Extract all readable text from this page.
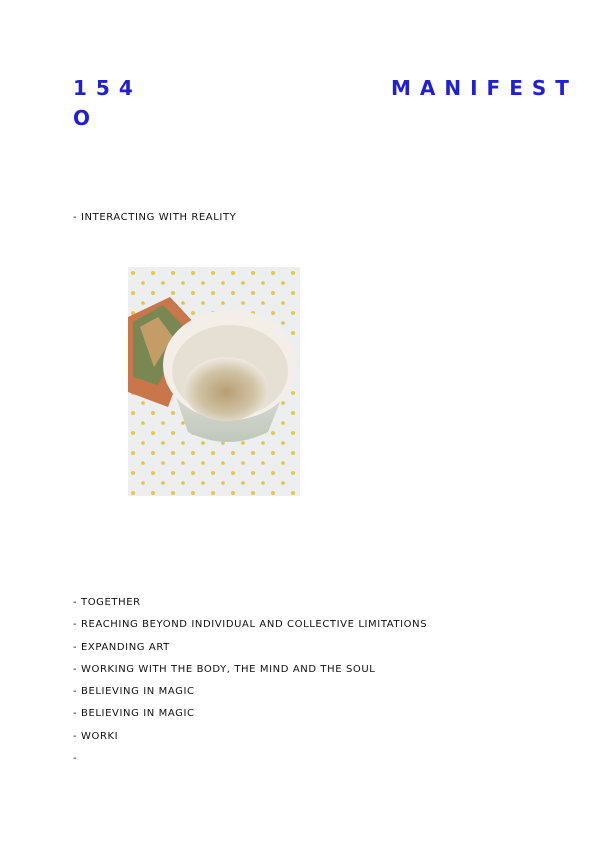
154
O
MANIFEST
- INTERACTING WITH REALITY
- TOGETHER
- REACHING BEYOND INDIVIDUAL AND COLLECTIVE LIMITATIONS
- EXPANDING ART
- WORKING WITH THE BODY, THE MIND AND THE SOUL
- BELIEVING IN MAGIC
- BELIEVING IN MAGIC
- WORKI
-
